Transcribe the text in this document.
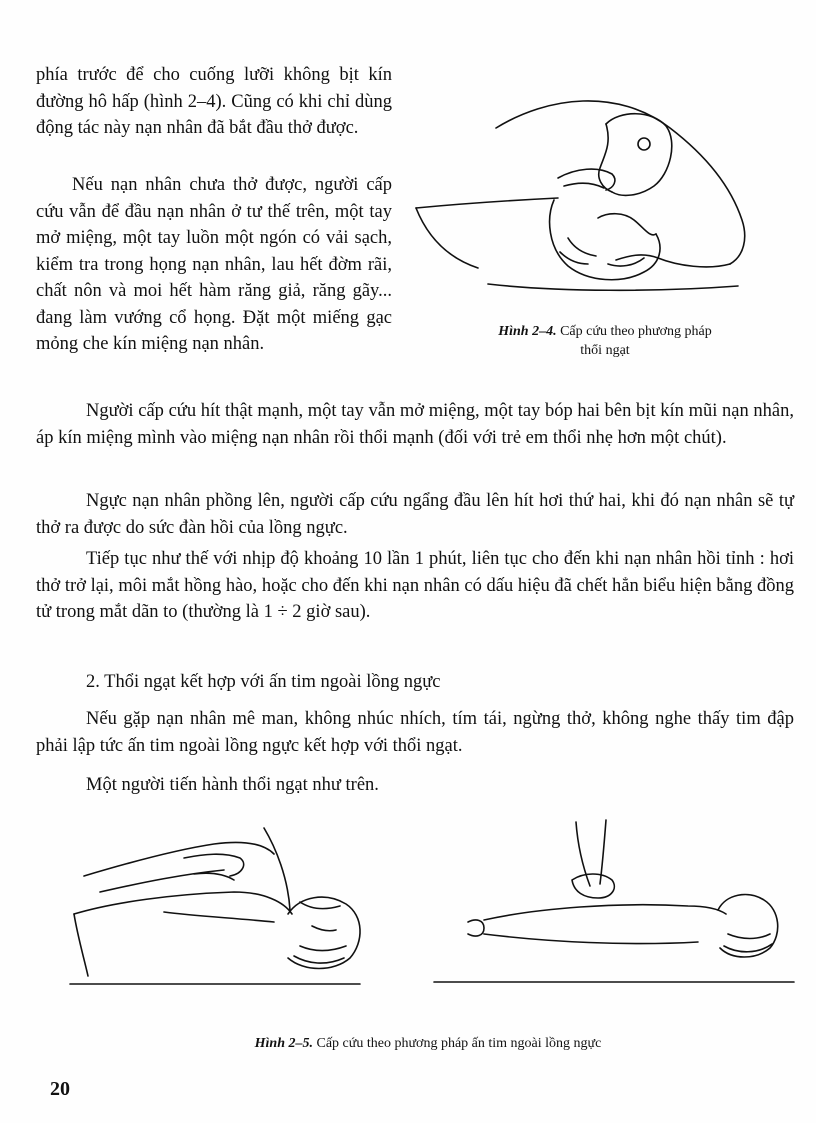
phía trước để cho cuống lưỡi không bịt kín đường hô hấp (hình 2–4). Cũng có khi chỉ dùng động tác này nạn nhân đã bắt đầu thở được.

Nếu nạn nhân chưa thở được, người cấp cứu vẫn để đầu nạn nhân ở tư thế trên, một tay mở miệng, một tay luồn một ngón có vải sạch, kiểm tra trong họng nạn nhân, lau hết đờm rãi, chất nôn và moi hết hàm răng giả, răng gãy... đang làm vướng cổ họng. Đặt một miếng gạc mỏng che kín miệng nạn nhân.

Hình 2–4. Cấp cứu theo phương pháp
thổi ngạt

Người cấp cứu hít thật mạnh, một tay vẫn mở miệng, một tay bóp hai bên bịt kín mũi nạn nhân, áp kín miệng mình vào miệng nạn nhân rồi thổi mạnh (đối với trẻ em thổi nhẹ hơn một chút).

Ngực nạn nhân phồng lên, người cấp cứu ngẩng đầu lên hít hơi thứ hai, khi đó nạn nhân sẽ tự thở ra được do sức đàn hồi của lồng ngực.

Tiếp tục như thế với nhịp độ khoảng 10 lần 1 phút, liên tục cho đến khi nạn nhân hồi tỉnh : hơi thở trở lại, môi mắt hồng hào, hoặc cho đến khi nạn nhân có dấu hiệu đã chết hẳn biểu hiện bằng đồng tử trong mắt dãn to (thường là 1 ÷ 2 giờ sau).

2. Thổi ngạt kết hợp với ấn tim ngoài lồng ngực

Nếu gặp nạn nhân mê man, không nhúc nhích, tím tái, ngừng thở, không nghe thấy tim đập phải lập tức ấn tim ngoài lồng ngực kết hợp với thổi ngạt.

Một người tiến hành thổi ngạt như trên.

Hình 2–5. Cấp cứu theo phương pháp ấn tim ngoài lồng ngực
20
